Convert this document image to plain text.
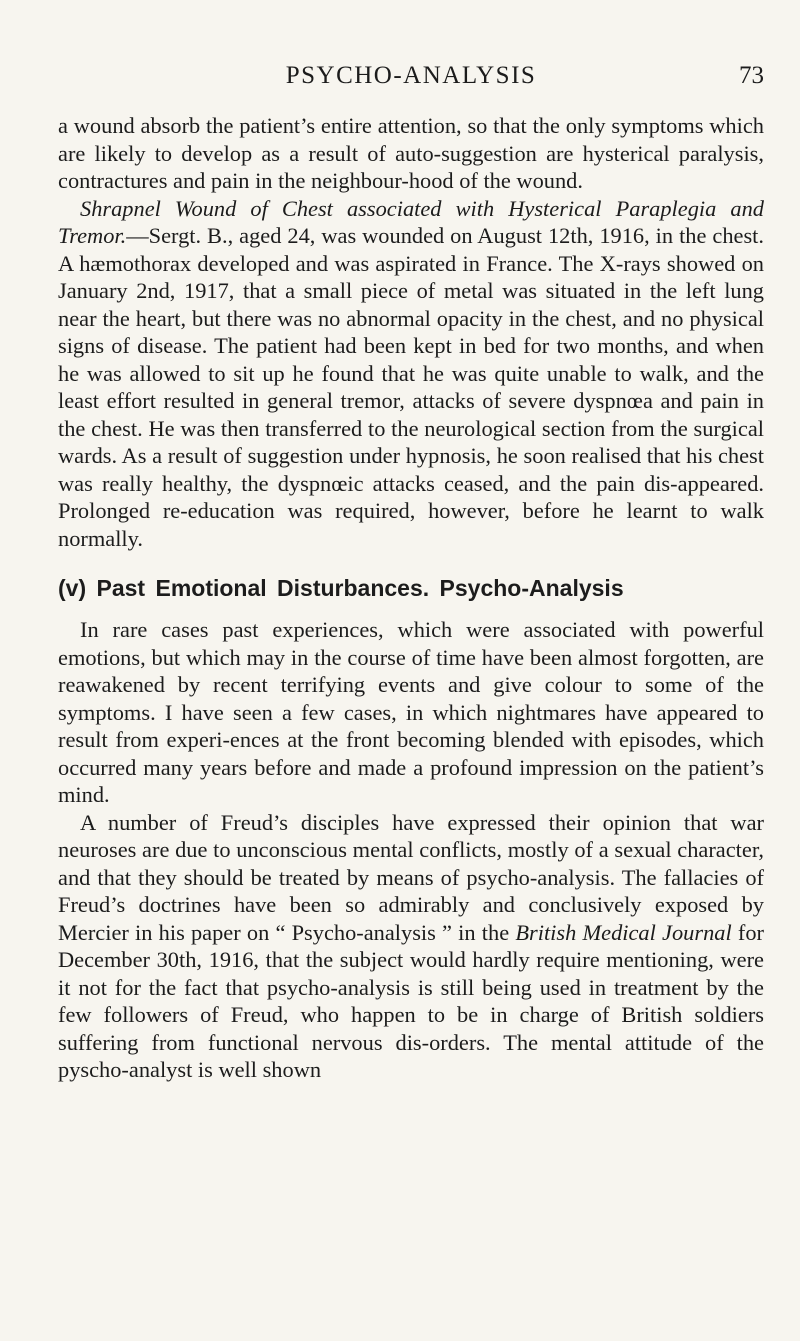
PSYCHO-ANALYSIS	73

a wound absorb the patient’s entire attention, so that the only symptoms which are likely to develop as a result of auto-suggestion are hysterical paralysis, contractures and pain in the neighbour-hood of the wound.

Shrapnel Wound of Chest associated with Hysterical Paraplegia and Tremor.—Sergt. B., aged 24, was wounded on August 12th, 1916, in the chest. A hæmothorax developed and was aspirated in France. The X-rays showed on January 2nd, 1917, that a small piece of metal was situated in the left lung near the heart, but there was no abnormal opacity in the chest, and no physical signs of disease. The patient had been kept in bed for two months, and when he was allowed to sit up he found that he was quite unable to walk, and the least effort resulted in general tremor, attacks of severe dyspnœa and pain in the chest. He was then transferred to the neurological section from the surgical wards. As a result of suggestion under hypnosis, he soon realised that his chest was really healthy, the dyspnœic attacks ceased, and the pain dis-appeared. Prolonged re-education was required, however, before he learnt to walk normally.

(v) Past Emotional Disturbances. Psycho-Analysis

In rare cases past experiences, which were associated with powerful emotions, but which may in the course of time have been almost forgotten, are reawakened by recent terrifying events and give colour to some of the symptoms. I have seen a few cases, in which nightmares have appeared to result from experi-ences at the front becoming blended with episodes, which occurred many years before and made a profound impression on the patient’s mind.

A number of Freud’s disciples have expressed their opinion that war neuroses are due to unconscious mental conflicts, mostly of a sexual character, and that they should be treated by means of psycho-analysis. The fallacies of Freud’s doctrines have been so admirably and conclusively exposed by Mercier in his paper on “ Psycho-analysis ” in the British Medical Journal for December 30th, 1916, that the subject would hardly require mentioning, were it not for the fact that psycho-analysis is still being used in treatment by the few followers of Freud, who happen to be in charge of British soldiers suffering from functional nervous dis-orders. The mental attitude of the pyscho-analyst is well shown
